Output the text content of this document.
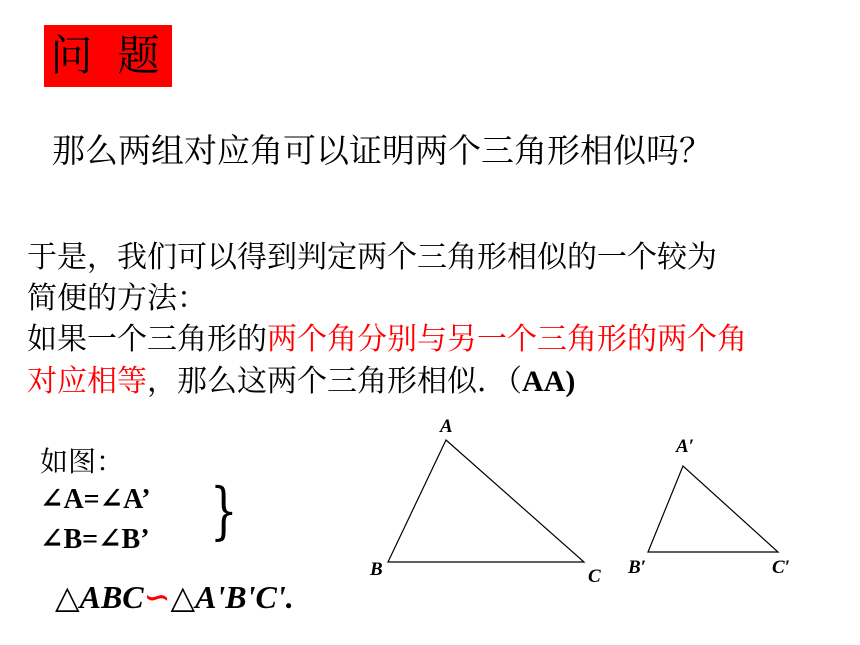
问 题
那么两组对应角可以证明两个三角形相似吗？
于是，我们可以得到判定两个三角形相似的一个较为
简便的方法：
如果一个三角形的两个角分别与另一个三角形的两个角
对应相等，那么这两个三角形相似．（AA)
如图：
∠A=∠A’
∠B=∠B’ }
△ABC∽△A'B'C'.
A
B	C
A′
B′	C′
